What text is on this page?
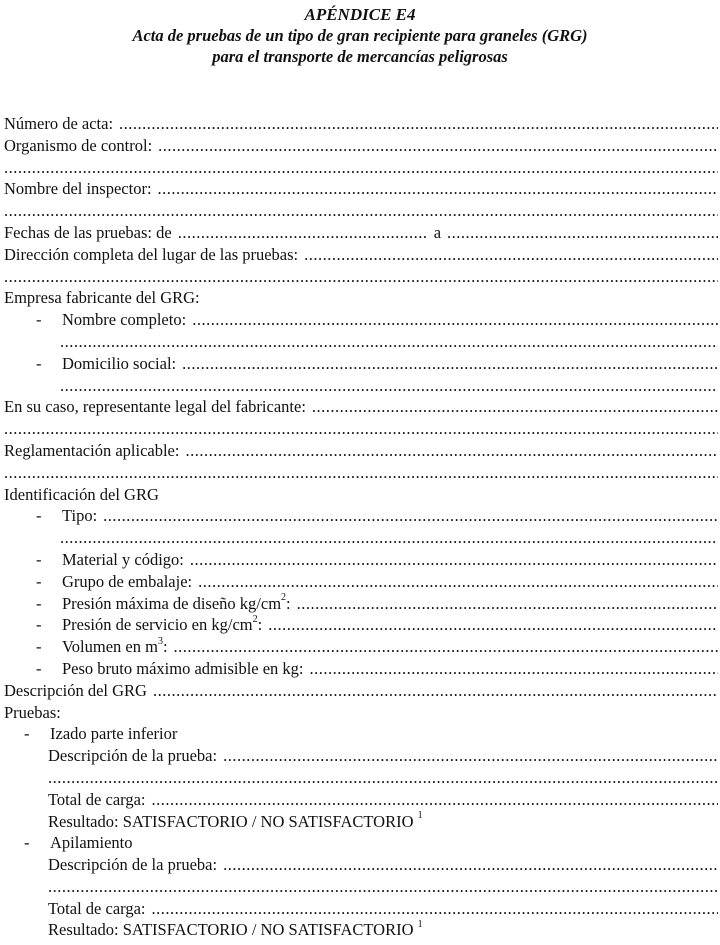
APÉNDICE E4
Acta de pruebas de un tipo de gran recipiente para graneles (GRG)
para el transporte de mercancías peligrosas
Número de acta:
.....
Organismo de control:
.....
.....
Nombre del inspector:
.....
.....
Fechas de las pruebas: de
.....	a
.....
Dirección completa del lugar de las pruebas:
.....
.....
Empresa fabricante del GRG:
-	Nombre completo:
.....
.....
-	Domicilio social:
.....
.....
En su caso, representante legal del fabricante:
.....
.....
Reglamentación aplicable:
.....
.....
Identificación del GRG
-	Tipo:
.....
.....
-	Material y código:
.....
-	Grupo de embalaje:
.....
-	Presión máxima de diseño $kg/cm^2$:
.....
-	Presión de servicio en $kg/cm^2$:
.....
-	Volumen en $m^3$:
.....
-	Peso bruto máximo admisible en kg:
.....
Descripción del GRG
.....
Pruebas:
-	Izado parte inferior
Descripción de la prueba:
.....
.....
Total de carga:
.....
Resultado: SATISFACTORIO / NO SATISFACTORIO $^1$
-	Apilamiento
Descripción de la prueba:
.....
.....
Total de carga:
.....
Resultado: SATISFACTORIO / NO SATISFACTORIO $^1$
